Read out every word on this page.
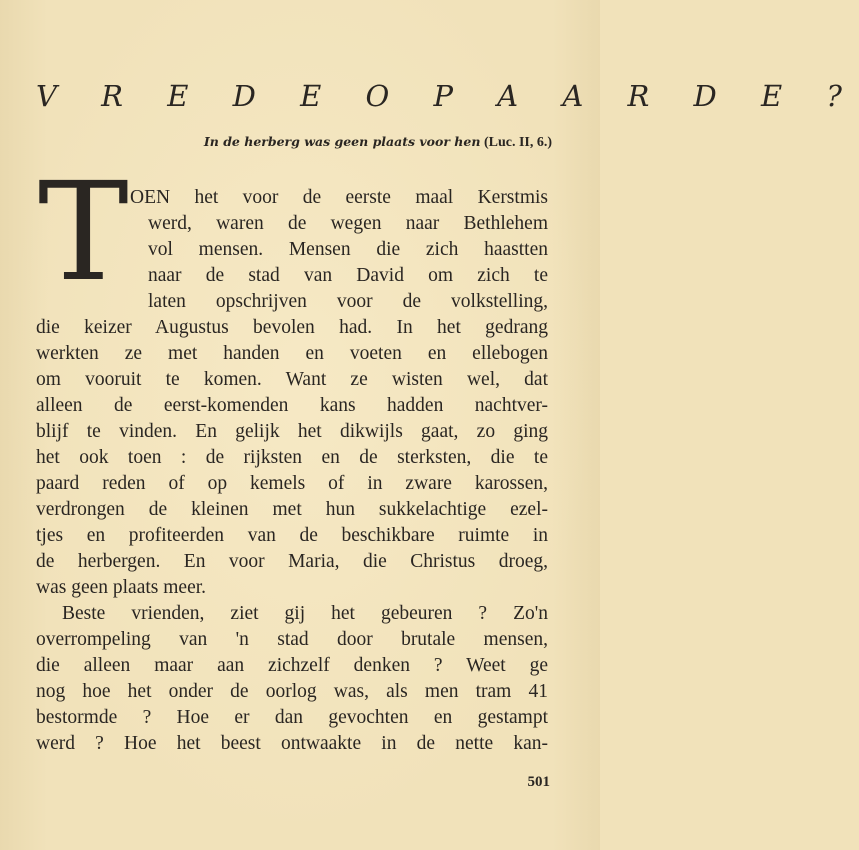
V R E D E O P A A R D E ?
In de herberg was geen plaats voor hen (Luc. II, 6.)
T OEN het voor de eerste maal Kerstmis
werd, waren de wegen naar Bethlehem
vol mensen. Mensen die zich haastten
naar de stad van David om zich te
laten opschrijven voor de volkstelling,
die keizer Augustus bevolen had. In het gedrang
werkten ze met handen en voeten en ellebogen
om vooruit te komen. Want ze wisten wel, dat
alleen de eerst-komenden kans hadden nachtver-
blijf te vinden. En gelijk het dikwijls gaat, zo ging
het ook toen : de rijksten en de sterksten, die te
paard reden of op kemels of in zware karossen,
verdrongen de kleinen met hun sukkelachtige ezel-
tjes en profiteerden van de beschikbare ruimte in
de herbergen. En voor Maria, die Christus droeg,
was geen plaats meer.
Beste vrienden, ziet gij het gebeuren ? Zo'n
overrompeling van 'n stad door brutale mensen,
die alleen maar aan zichzelf denken ? Weet ge
nog hoe het onder de oorlog was, als men tram 41
bestormde ? Hoe er dan gevochten en gestampt
werd ? Hoe het beest ontwaakte in de nette kan-
501
